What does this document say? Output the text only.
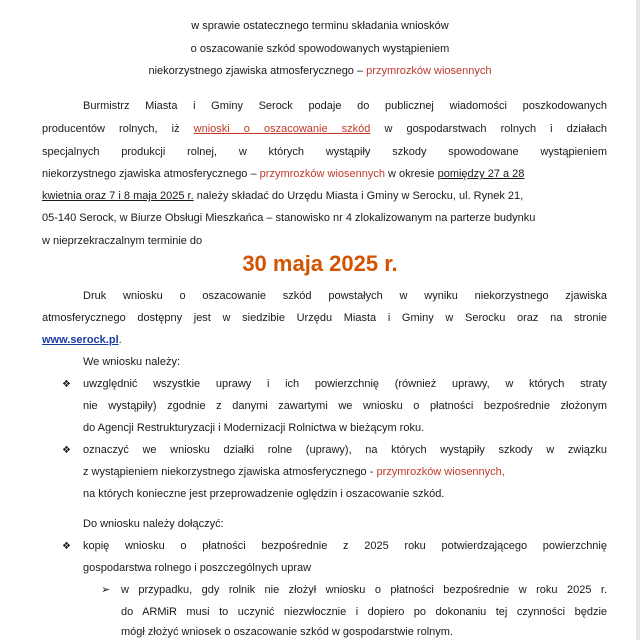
w sprawie ostatecznego terminu składania wniosków
o oszacowanie szkód spowodowanych wystąpieniem
niekorzystnego zjawiska atmosferycznego – przymrozków wiosennych
Burmistrz Miasta i Gminy Serock podaje do publicznej wiadomości poszkodowanych
producentów rolnych, iż wnioski o oszacowanie szkód w gospodarstwach rolnych i działach
specjalnych produkcji rolnej, w których wystąpiły szkody spowodowane wystąpieniem
niekorzystnego zjawiska atmosferycznego – przymrozków wiosennych w okresie pomiędzy 27 a 28
kwietnia oraz 7 i 8 maja 2025 r. należy składać do Urzędu Miasta i Gminy w Serocku, ul. Rynek 21,
05-140 Serock, w Biurze Obsługi Mieszkańca – stanowisko nr 4 zlokalizowanym na parterze budynku
w nieprzekraczalnym terminie do
30 maja 2025 r.
Druk wniosku o oszacowanie szkód powstałych w wyniku niekorzystnego zjawiska
atmosferycznego dostępny jest w siedzibie Urzędu Miasta i Gminy w Serocku oraz na stronie
www.serock.pl.
We wniosku należy:
❖ uwzględnić wszystkie uprawy i ich powierzchnię (również uprawy, w których straty
nie wystąpiły) zgodnie z danymi zawartymi we wniosku o płatności bezpośrednie złożonym
do Agencji Restrukturyzacji i Modernizacji Rolnictwa w bieżącym roku.
❖ oznaczyć we wniosku działki rolne (uprawy), na których wystąpiły szkody w związku
z wystąpieniem niekorzystnego zjawiska atmosferycznego - przymrozków wiosennych,
na których konieczne jest przeprowadzenie oględzin i oszacowanie szkód.
Do wniosku należy dołączyć:
❖ kopię wniosku o płatności bezpośrednie z 2025 roku potwierdzającego powierzchnię
gospodarstwa rolnego i poszczególnych upraw
➢ w przypadku, gdy rolnik nie złożył wniosku o płatności bezpośrednie w roku 2025 r.
do ARMiR musi to uczynić niezwłocznie i dopiero po dokonaniu tej czynności będzie
mógł złożyć wniosek o oszacowanie szkód w gospodarstwie rolnym.
